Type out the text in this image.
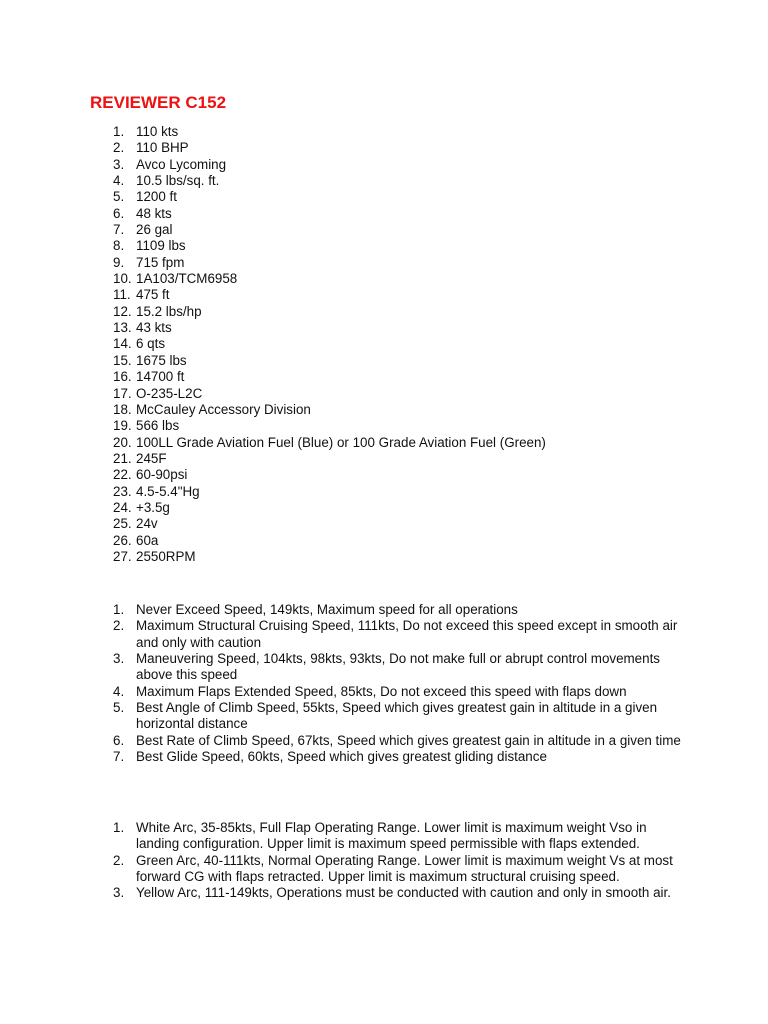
REVIEWER C152
1. 110 kts
2. 110 BHP
3. Avco Lycoming
4. 10.5 lbs/sq. ft.
5. 1200 ft
6. 48 kts
7. 26 gal
8. 1109 lbs
9. 715 fpm
10. 1A103/TCM6958
11. 475 ft
12. 15.2 lbs/hp
13. 43 kts
14. 6 qts
15. 1675 lbs
16. 14700 ft
17. O-235-L2C
18. McCauley Accessory Division
19. 566 lbs
20. 100LL Grade Aviation Fuel (Blue) or 100 Grade Aviation Fuel (Green)
21. 245F
22. 60-90psi
23. 4.5-5.4"Hg
24. +3.5g
25. 24v
26. 60a
27. 2550RPM
1. Never Exceed Speed, 149kts, Maximum speed for all operations
2. Maximum Structural Cruising Speed, 111kts, Do not exceed this speed except in smooth air and only with caution
3. Maneuvering Speed, 104kts, 98kts, 93kts, Do not make full or abrupt control movements above this speed
4. Maximum Flaps Extended Speed, 85kts, Do not exceed this speed with flaps down
5. Best Angle of Climb Speed, 55kts, Speed which gives greatest gain in altitude in a given horizontal distance
6. Best Rate of Climb Speed, 67kts, Speed which gives greatest gain in altitude in a given time
7. Best Glide Speed, 60kts, Speed which gives greatest gliding distance
1. White Arc, 35-85kts, Full Flap Operating Range. Lower limit is maximum weight Vso in landing configuration. Upper limit is maximum speed permissible with flaps extended.
2. Green Arc, 40-111kts, Normal Operating Range. Lower limit is maximum weight Vs at most forward CG with flaps retracted. Upper limit is maximum structural cruising speed.
3. Yellow Arc, 111-149kts, Operations must be conducted with caution and only in smooth air.
